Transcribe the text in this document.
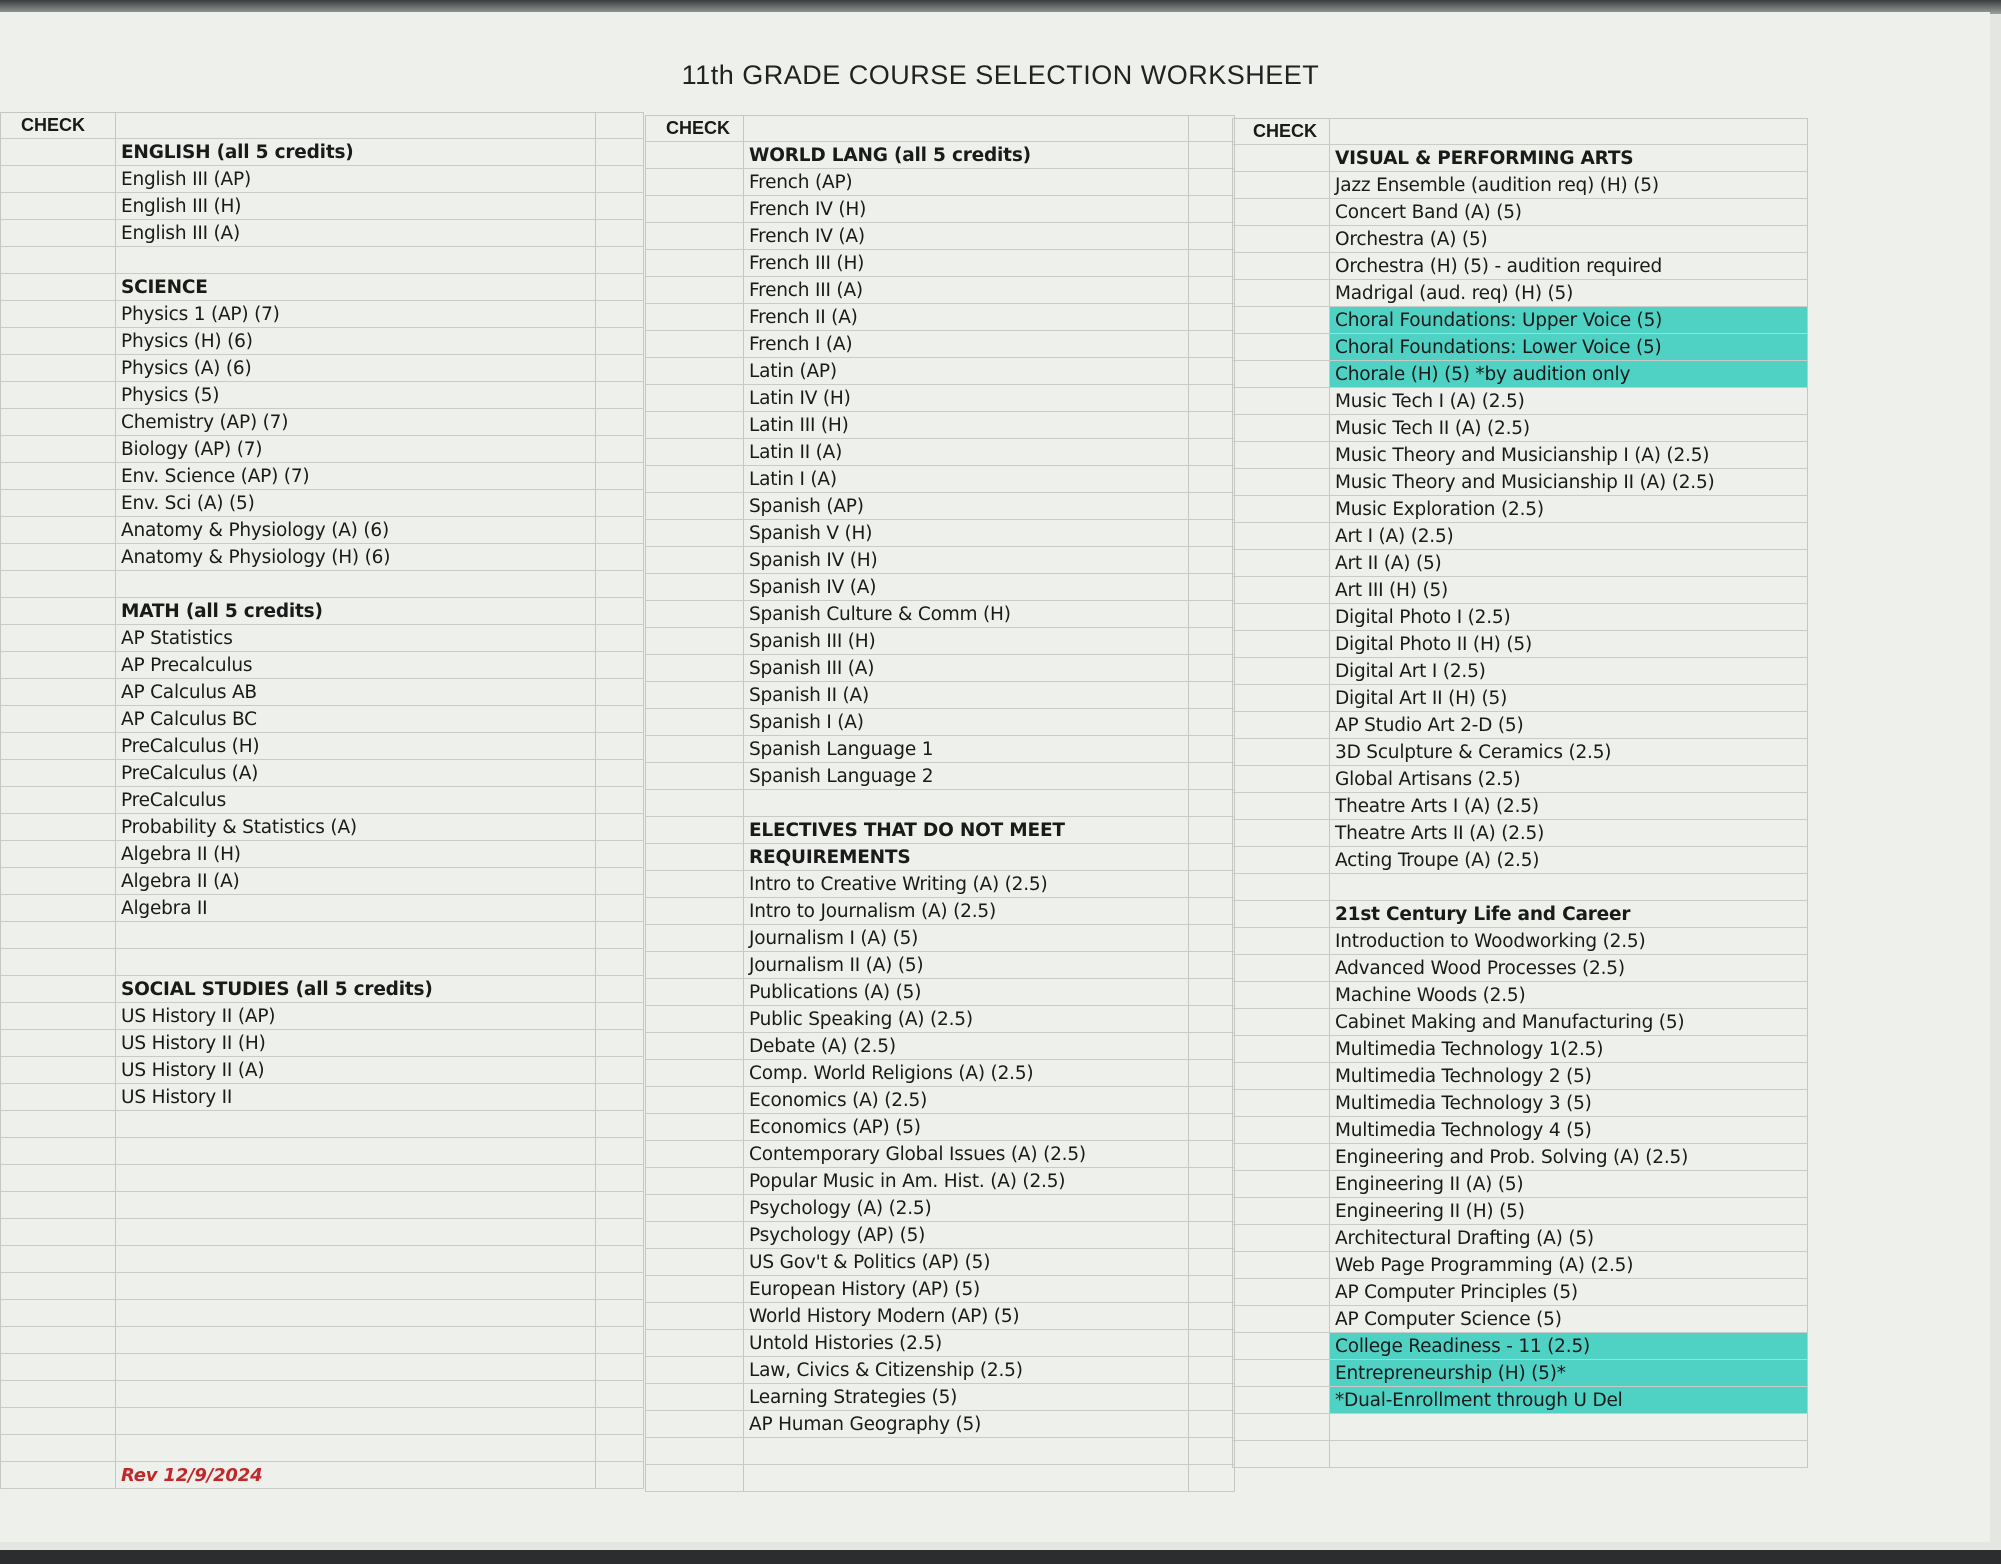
11th GRADE COURSE SELECTION WORKSHEET
CHECK
ENGLISH (all 5 credits)
English III (AP)
English III (H)
English III (A)
SCIENCE
Physics 1 (AP) (7)
Physics (H) (6)
Physics (A) (6)
Physics (5)
Chemistry (AP) (7)
Biology (AP) (7)
Env. Science (AP) (7)
Env. Sci (A) (5)
Anatomy & Physiology (A) (6)
Anatomy & Physiology (H) (6)
MATH (all 5 credits)
AP Statistics
AP Precalculus
AP Calculus AB
AP Calculus BC
PreCalculus (H)
PreCalculus (A)
PreCalculus
Probability & Statistics (A)
Algebra II (H)
Algebra II (A)
Algebra II
SOCIAL STUDIES (all 5 credits)
US History II (AP)
US History II (H)
US History II (A)
US History II
Rev 12/9/2024
CHECK
WORLD LANG (all 5 credits)
French (AP)
French IV (H)
French IV (A)
French III (H)
French III (A)
French II (A)
French I (A)
Latin (AP)
Latin IV (H)
Latin III (H)
Latin II (A)
Latin I (A)
Spanish (AP)
Spanish V (H)
Spanish IV (H)
Spanish IV (A)
Spanish Culture & Comm (H)
Spanish III (H)
Spanish III (A)
Spanish II (A)
Spanish I (A)
Spanish Language 1
Spanish Language 2
ELECTIVES THAT DO NOT MEET
REQUIREMENTS
Intro to Creative Writing (A) (2.5)
Intro to Journalism (A) (2.5)
Journalism I (A) (5)
Journalism II (A) (5)
Publications (A) (5)
Public Speaking (A) (2.5)
Debate (A) (2.5)
Comp. World Religions (A) (2.5)
Economics (A) (2.5)
Economics (AP) (5)
Contemporary Global Issues (A) (2.5)
Popular Music in Am. Hist. (A) (2.5)
Psychology (A) (2.5)
Psychology (AP) (5)
US Gov't & Politics (AP) (5)
European History (AP) (5)
World History Modern (AP) (5)
Untold Histories (2.5)
Law, Civics & Citizenship (2.5)
Learning Strategies (5)
AP Human Geography (5)
CHECK
VISUAL & PERFORMING ARTS
Jazz Ensemble (audition req) (H) (5)
Concert Band (A) (5)
Orchestra (A) (5)
Orchestra (H) (5) - audition required
Madrigal (aud. req) (H) (5)
Choral Foundations: Upper Voice (5)
Choral Foundations: Lower Voice (5)
Chorale (H) (5) *by audition only
Music Tech I (A) (2.5)
Music Tech II (A) (2.5)
Music Theory and Musicianship I (A) (2.5)
Music Theory and Musicianship II (A) (2.5)
Music Exploration (2.5)
Art I (A) (2.5)
Art II (A) (5)
Art III (H) (5)
Digital Photo I (2.5)
Digital Photo II (H) (5)
Digital Art I (2.5)
Digital Art II (H) (5)
AP Studio Art 2-D (5)
3D Sculpture & Ceramics (2.5)
Global Artisans (2.5)
Theatre Arts I (A) (2.5)
Theatre Arts II (A) (2.5)
Acting Troupe (A) (2.5)
21st Century Life and Career
Introduction to Woodworking (2.5)
Advanced Wood Processes (2.5)
Machine Woods (2.5)
Cabinet Making and Manufacturing (5)
Multimedia Technology 1(2.5)
Multimedia Technology 2 (5)
Multimedia Technology 3 (5)
Multimedia Technology 4 (5)
Engineering and Prob. Solving (A) (2.5)
Engineering II (A) (5)
Engineering II (H) (5)
Architectural Drafting (A) (5)
Web Page Programming (A) (2.5)
AP Computer Principles (5)
AP Computer Science (5)
College Readiness - 11 (2.5)
Entrepreneurship (H) (5)*
*Dual-Enrollment through U Del
